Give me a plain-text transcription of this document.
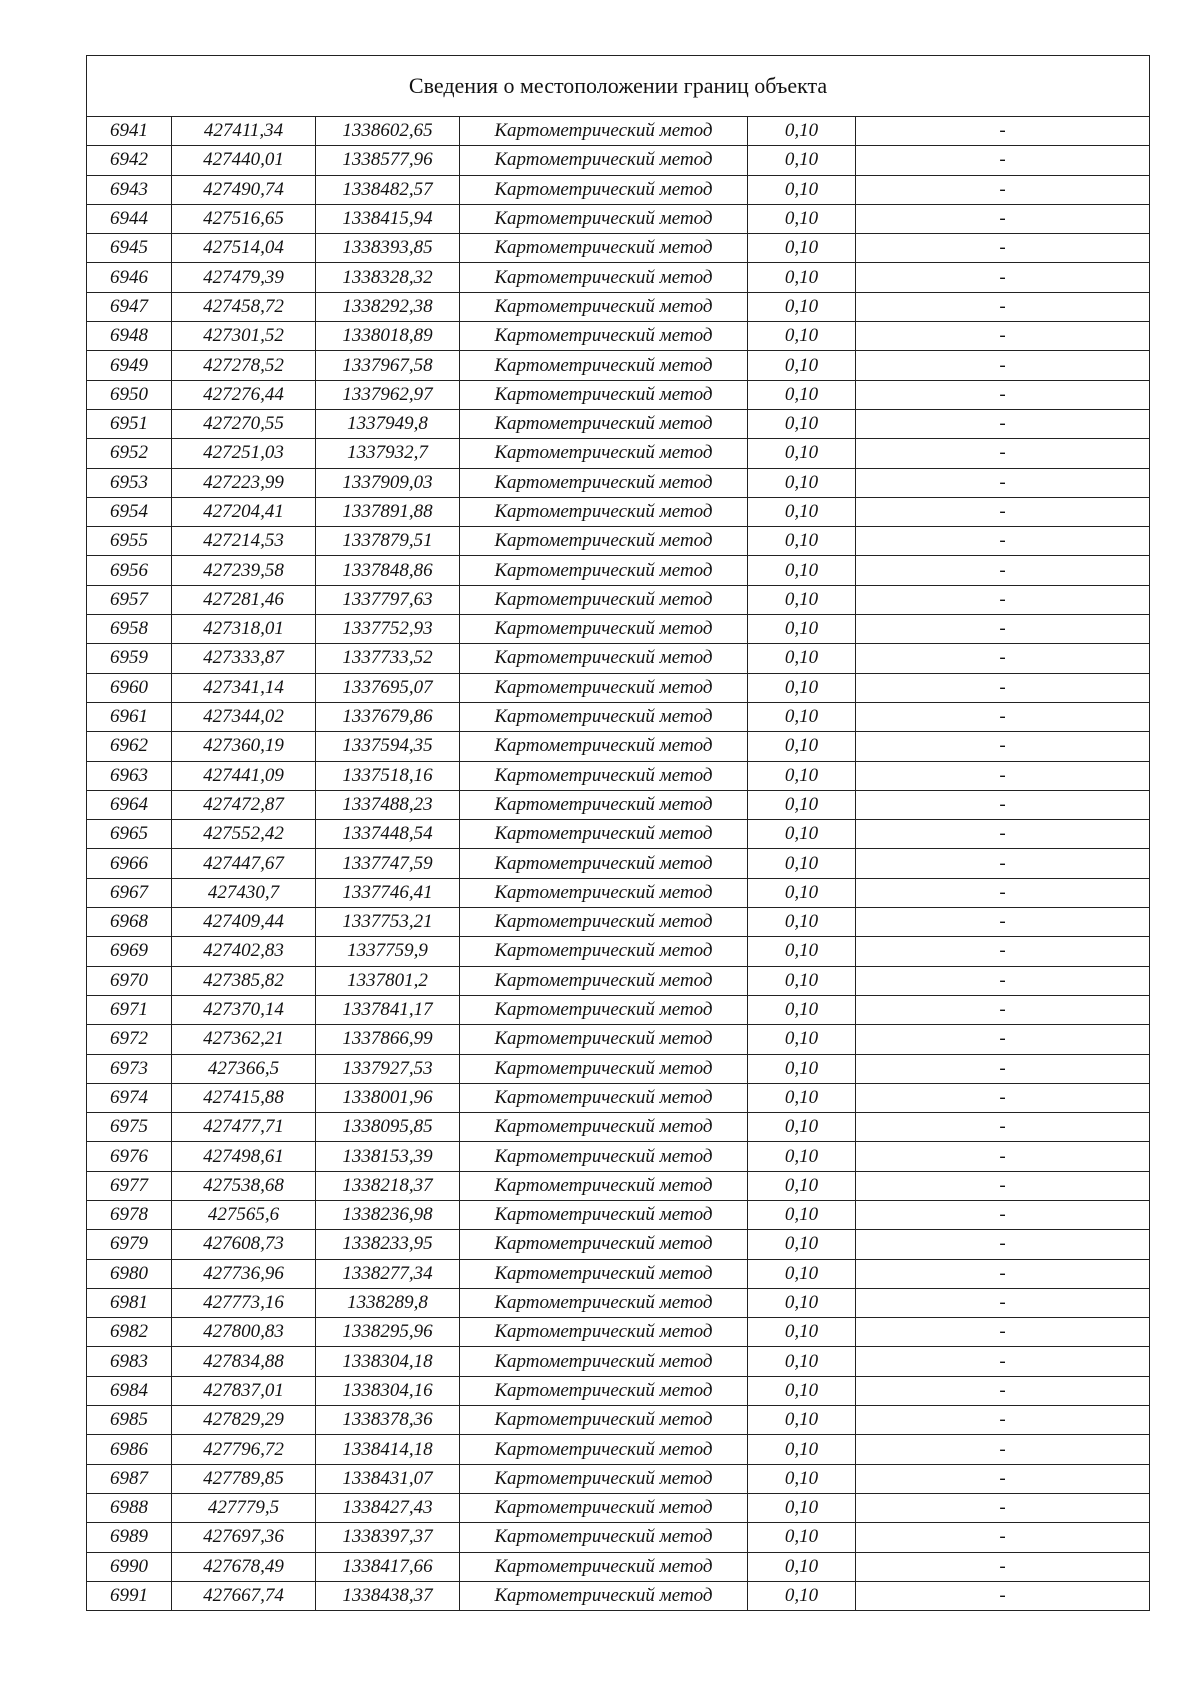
Сведения о местоположении границ объекта					
6941	427411,34	1338602,65	Картометрический метод	0,10	-
6942	427440,01	1338577,96	Картометрический метод	0,10	-
6943	427490,74	1338482,57	Картометрический метод	0,10	-
6944	427516,65	1338415,94	Картометрический метод	0,10	-
6945	427514,04	1338393,85	Картометрический метод	0,10	-
6946	427479,39	1338328,32	Картометрический метод	0,10	-
6947	427458,72	1338292,38	Картометрический метод	0,10	-
6948	427301,52	1338018,89	Картометрический метод	0,10	-
6949	427278,52	1337967,58	Картометрический метод	0,10	-
6950	427276,44	1337962,97	Картометрический метод	0,10	-
6951	427270,55	1337949,8	Картометрический метод	0,10	-
6952	427251,03	1337932,7	Картометрический метод	0,10	-
6953	427223,99	1337909,03	Картометрический метод	0,10	-
6954	427204,41	1337891,88	Картометрический метод	0,10	-
6955	427214,53	1337879,51	Картометрический метод	0,10	-
6956	427239,58	1337848,86	Картометрический метод	0,10	-
6957	427281,46	1337797,63	Картометрический метод	0,10	-
6958	427318,01	1337752,93	Картометрический метод	0,10	-
6959	427333,87	1337733,52	Картометрический метод	0,10	-
6960	427341,14	1337695,07	Картометрический метод	0,10	-
6961	427344,02	1337679,86	Картометрический метод	0,10	-
6962	427360,19	1337594,35	Картометрический метод	0,10	-
6963	427441,09	1337518,16	Картометрический метод	0,10	-
6964	427472,87	1337488,23	Картометрический метод	0,10	-
6965	427552,42	1337448,54	Картометрический метод	0,10	-
6966	427447,67	1337747,59	Картометрический метод	0,10	-
6967	427430,7	1337746,41	Картометрический метод	0,10	-
6968	427409,44	1337753,21	Картометрический метод	0,10	-
6969	427402,83	1337759,9	Картометрический метод	0,10	-
6970	427385,82	1337801,2	Картометрический метод	0,10	-
6971	427370,14	1337841,17	Картометрический метод	0,10	-
6972	427362,21	1337866,99	Картометрический метод	0,10	-
6973	427366,5	1337927,53	Картометрический метод	0,10	-
6974	427415,88	1338001,96	Картометрический метод	0,10	-
6975	427477,71	1338095,85	Картометрический метод	0,10	-
6976	427498,61	1338153,39	Картометрический метод	0,10	-
6977	427538,68	1338218,37	Картометрический метод	0,10	-
6978	427565,6	1338236,98	Картометрический метод	0,10	-
6979	427608,73	1338233,95	Картометрический метод	0,10	-
6980	427736,96	1338277,34	Картометрический метод	0,10	-
6981	427773,16	1338289,8	Картометрический метод	0,10	-
6982	427800,83	1338295,96	Картометрический метод	0,10	-
6983	427834,88	1338304,18	Картометрический метод	0,10	-
6984	427837,01	1338304,16	Картометрический метод	0,10	-
6985	427829,29	1338378,36	Картометрический метод	0,10	-
6986	427796,72	1338414,18	Картометрический метод	0,10	-
6987	427789,85	1338431,07	Картометрический метод	0,10	-
6988	427779,5	1338427,43	Картометрический метод	0,10	-
6989	427697,36	1338397,37	Картометрический метод	0,10	-
6990	427678,49	1338417,66	Картометрический метод	0,10	-
6991	427667,74	1338438,37	Картометрический метод	0,10	-
